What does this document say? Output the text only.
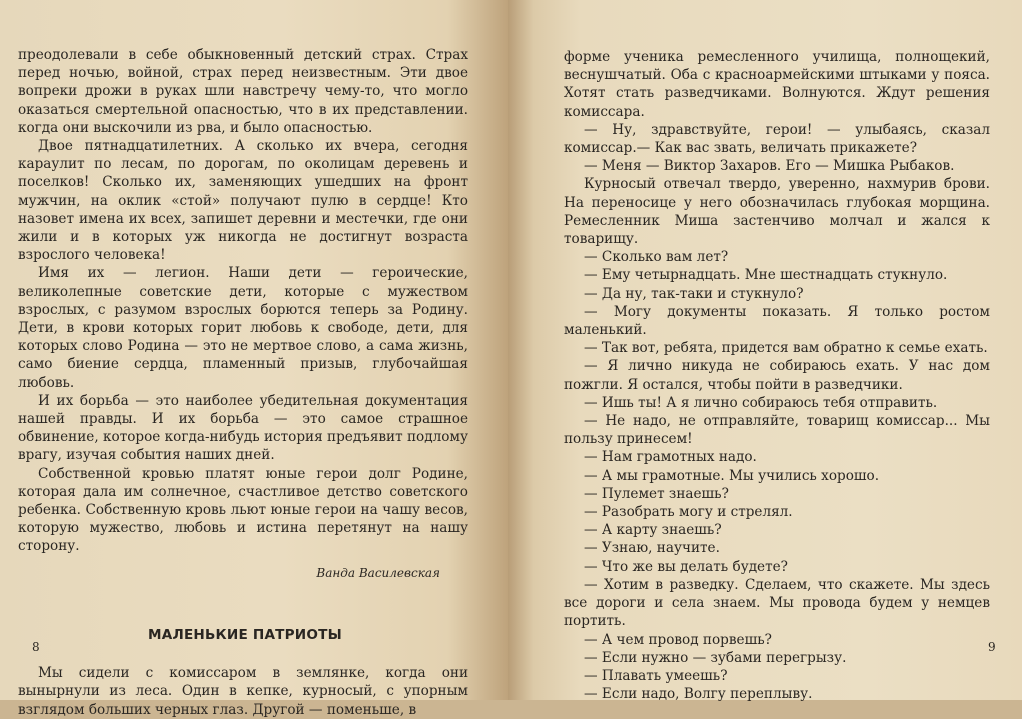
преодолевали в себе обыкновенный детский страх. Страх перед ночью, войной, страх перед неизвестным. Эти двое вопреки дрожи в руках шли навстречу чему-то, что могло оказаться смертельной опасностью, что в их представлении. когда они выскочили из рва, и было опасностью.

Двое пятнадцатилетних. А сколько их вчера, сегодня караулит по лесам, по дорогам, по околицам деревень и поселков! Сколько их, заменяющих ушедших на фронт мужчин, на оклик «стой» получают пулю в сердце! Кто назовет имена их всех, запишет деревни и местечки, где они жили и в которых уж никогда не достигнут возраста взрослого человека!

Имя их — легион. Наши дети — героические, великолепные советские дети, которые с мужеством взрослых, с разумом взрослых борются теперь за Родину. Дети, в крови которых горит любовь к свободе, дети, для которых слово Родина — это не мертвое слово, а сама жизнь, само биение сердца, пламенный призыв, глубочайшая любовь.

И их борьба — это наиболее убедительная документация нашей правды. И их борьба — это самое страшное обвинение, которое когда-нибудь история предъявит подлому врагу, изучая события наших дней.

Собственной кровью платят юные герои долг Родине, которая дала им солнечное, счастливое детство советского ребенка. Собственную кровь льют юные герои на чашу весов, которую мужество, любовь и истина перетянут на нашу сторону.

Ванда Василевская

МАЛЕНЬКИЕ ПАТРИОТЫ

Мы сидели с комиссаром в землянке, когда они вынырнули из леса. Один в кепке, курносый, с упорным взглядом больших черных глаз. Другой — поменьше, в

8

форме ученика ремесленного училища, полнощекий, веснушчатый. Оба с красноармейскими штыками у пояса. Хотят стать разведчиками. Волнуются. Ждут решения комиссара.

— Ну, здравствуйте, герои! — улыбаясь, сказал комиссар.— Как вас звать, величать прикажете?

— Меня — Виктор Захаров. Его — Мишка Рыбаков.

Курносый отвечал твердо, уверенно, нахмурив брови. На переносице у него обозначилась глубокая морщина. Ремесленник Миша застенчиво молчал и жался к товарищу.

— Сколько вам лет?

— Ему четырнадцать. Мне шестнадцать стукнуло.

— Да ну, так-таки и стукнуло?

— Могу документы показать. Я только ростом маленький.

— Так вот, ребята, придется вам обратно к семье ехать.

— Я лично никуда не собираюсь ехать. У нас дом пожгли. Я остался, чтобы пойти в разведчики.

— Ишь ты! А я лично собираюсь тебя отправить.

— Не надо, не отправляйте, товарищ комиссар... Мы пользу принесем!

— Нам грамотных надо.

— А мы грамотные. Мы учились хорошо.

— Пулемет знаешь?

— Разобрать могу и стрелял.

— А карту знаешь?

— Узнаю, научите.

— Что же вы делать будете?

— Хотим в разведку. Сделаем, что скажете. Мы здесь все дороги и села знаем. Мы провода будем у немцев портить.

— А чем провод порвешь?

— Если нужно — зубами перегрызу.

— Плавать умеешь?

— Если надо, Волгу переплыву.

9
